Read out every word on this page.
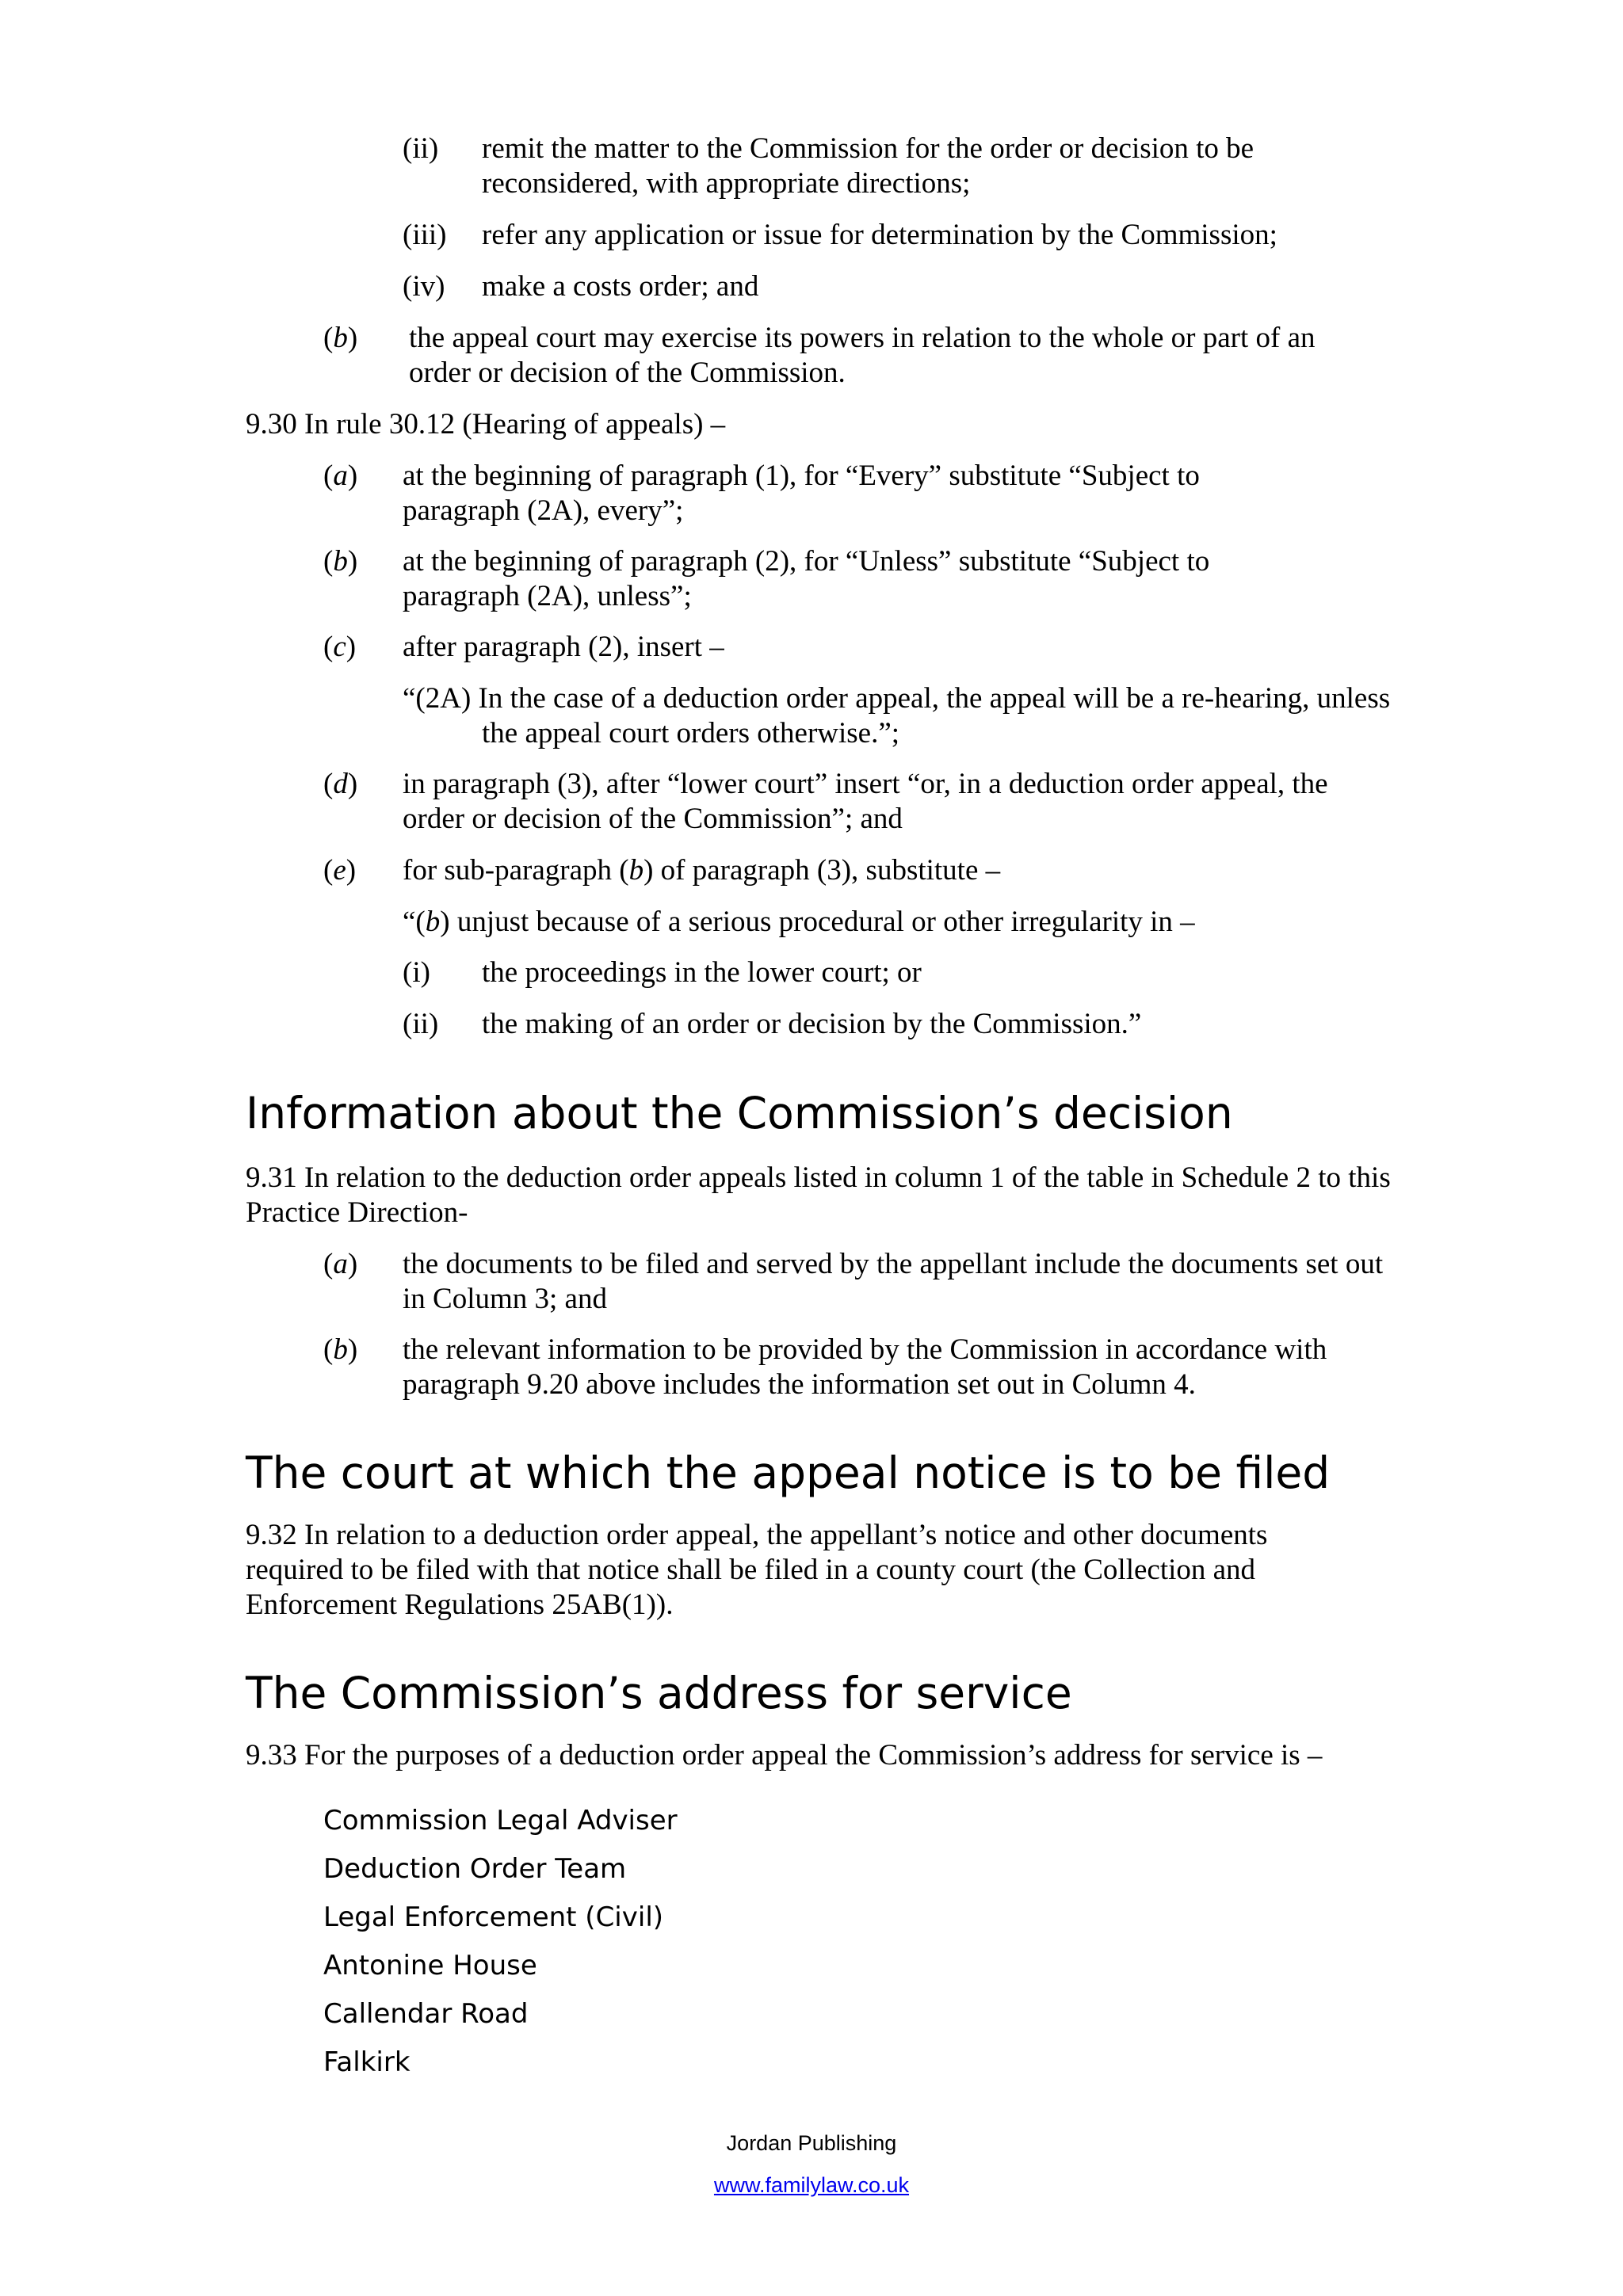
(ii)	remit the matter to the Commission for the order or decision to be reconsidered, with appropriate directions;
(iii)	refer any application or issue for determination by the Commission;
(iv)	make a costs order; and
(b)	the appeal court may exercise its powers in relation to the whole or part of an order or decision of the Commission.
9.30 In rule 30.12 (Hearing of appeals) –
(a)	at the beginning of paragraph (1), for “Every” substitute “Subject to paragraph (2A), every”;
(b)	at the beginning of paragraph (2), for “Unless” substitute “Subject to paragraph (2A), unless”;
(c)	after paragraph (2), insert –
“(2A) In the case of a deduction order appeal, the appeal will be a re-hearing, unless the appeal court orders otherwise.”;
(d)	in paragraph (3), after “lower court” insert “or, in a deduction order appeal, the order or decision of the Commission”; and
(e)	for sub-paragraph (b) of paragraph (3), substitute –
“(b) unjust because of a serious procedural or other irregularity in –
(i)	the proceedings in the lower court; or
(ii)	the making of an order or decision by the Commission.”
Information about the Commission’s decision
9.31 In relation to the deduction order appeals listed in column 1 of the table in Schedule 2 to this Practice Direction-
(a)	the documents to be filed and served by the appellant include the documents set out in Column 3; and
(b)	the relevant information to be provided by the Commission in accordance with paragraph 9.20 above includes the information set out in Column 4.
The court at which the appeal notice is to be filed
9.32 In relation to a deduction order appeal, the appellant’s notice and other documents required to be filed with that notice shall be filed in a county court (the Collection and Enforcement Regulations 25AB(1)).
The Commission’s address for service
9.33 For the purposes of a deduction order appeal the Commission’s address for service is –
Commission Legal Adviser
Deduction Order Team
Legal Enforcement (Civil)
Antonine House
Callendar Road
Falkirk
Jordan Publishing
www.familylaw.co.uk
